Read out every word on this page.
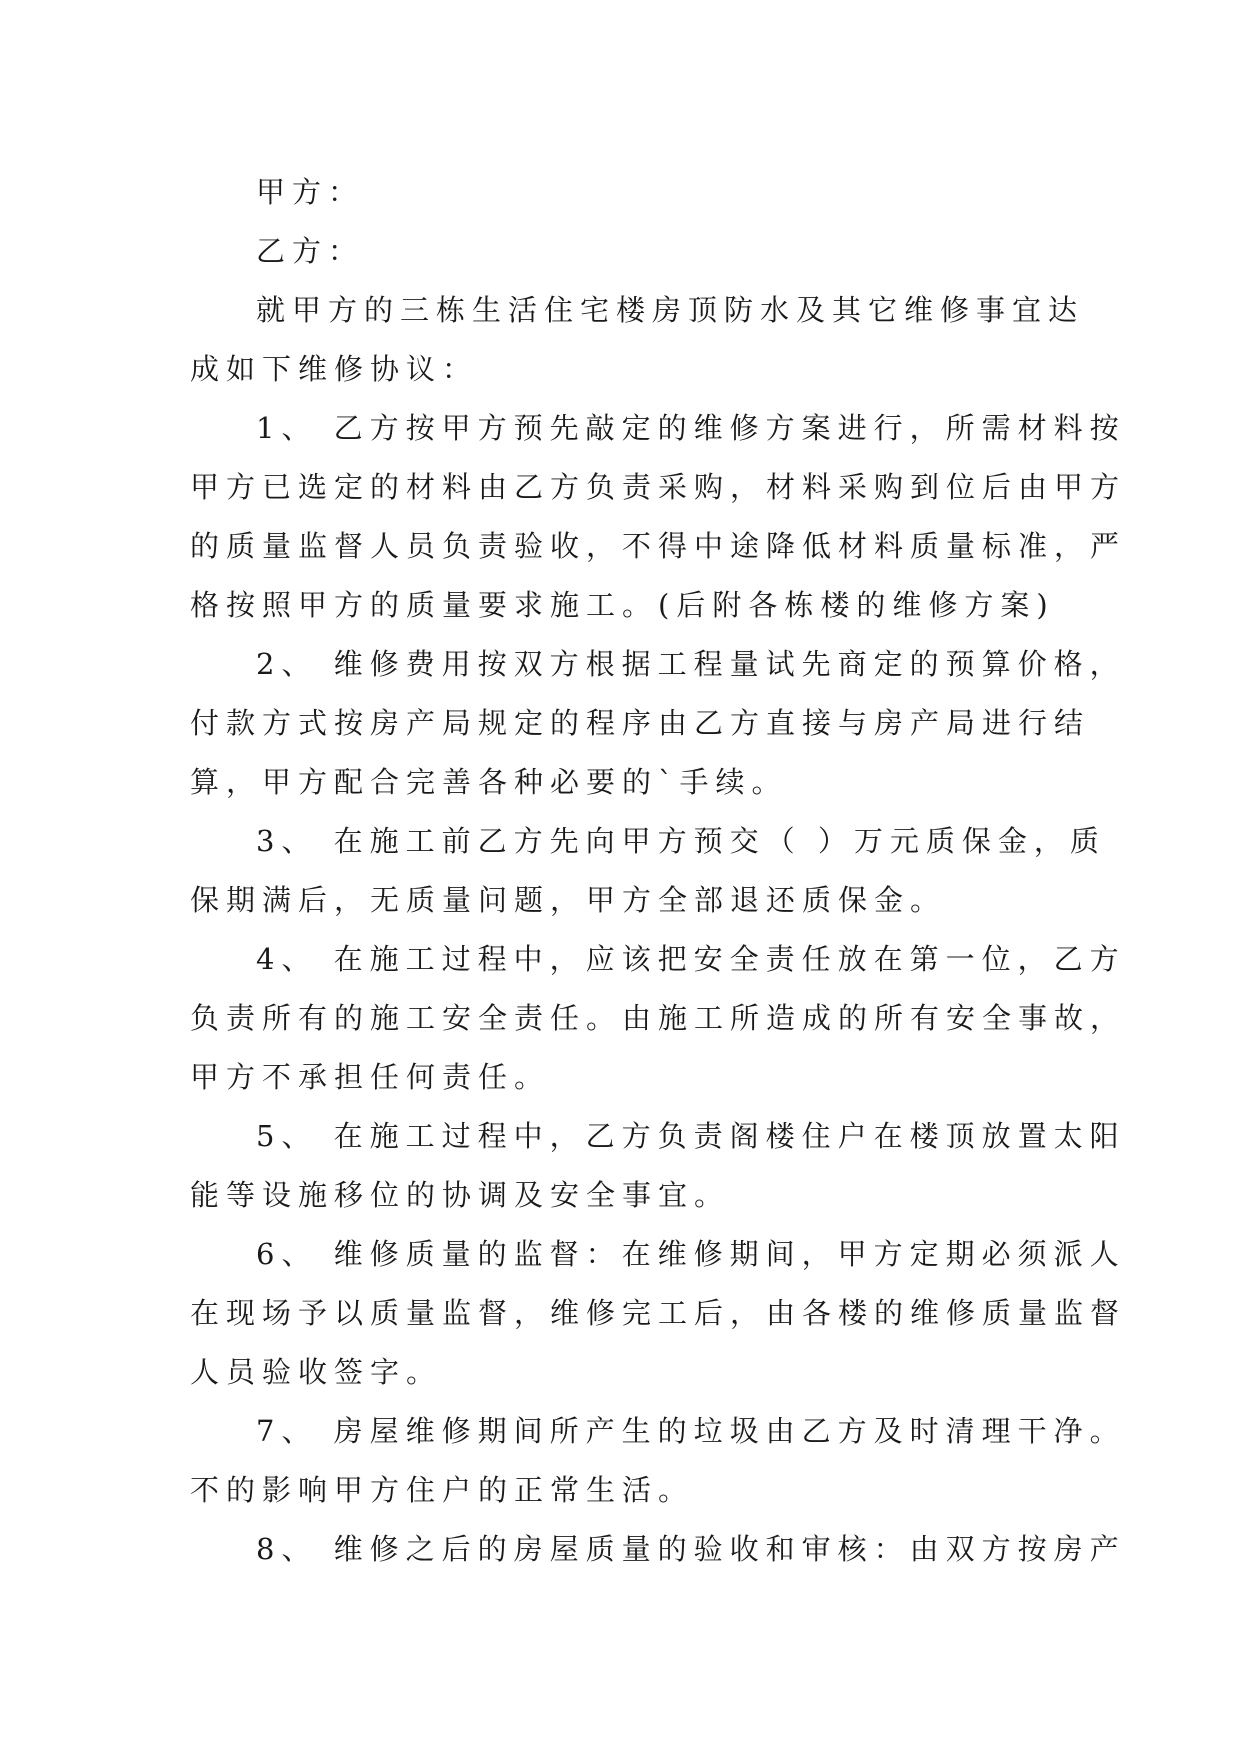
甲方：
乙方：
就甲方的三栋生活住宅楼房顶防水及其它维修事宜达
成如下维修协议：
1、 乙方按甲方预先敲定的维修方案进行，所需材料按
甲方已选定的材料由乙方负责采购，材料采购到位后由甲方
的质量监督人员负责验收，不得中途降低材料质量标准，严
格按照甲方的质量要求施工。(后附各栋楼的维修方案)
2、 维修费用按双方根据工程量试先商定的预算价格，
付款方式按房产局规定的程序由乙方直接与房产局进行结
算，甲方配合完善各种必要的`手续。
3、 在施工前乙方先向甲方预交（ ）万元质保金，质
保期满后，无质量问题，甲方全部退还质保金。
4、 在施工过程中，应该把安全责任放在第一位，乙方
负责所有的施工安全责任。由施工所造成的所有安全事故，
甲方不承担任何责任。
5、 在施工过程中，乙方负责阁楼住户在楼顶放置太阳
能等设施移位的协调及安全事宜。
6、 维修质量的监督：在维修期间，甲方定期必须派人
在现场予以质量监督，维修完工后，由各楼的维修质量监督
人员验收签字。
7、 房屋维修期间所产生的垃圾由乙方及时清理干净。
不的影响甲方住户的正常生活。
8、 维修之后的房屋质量的验收和审核：由双方按房产
